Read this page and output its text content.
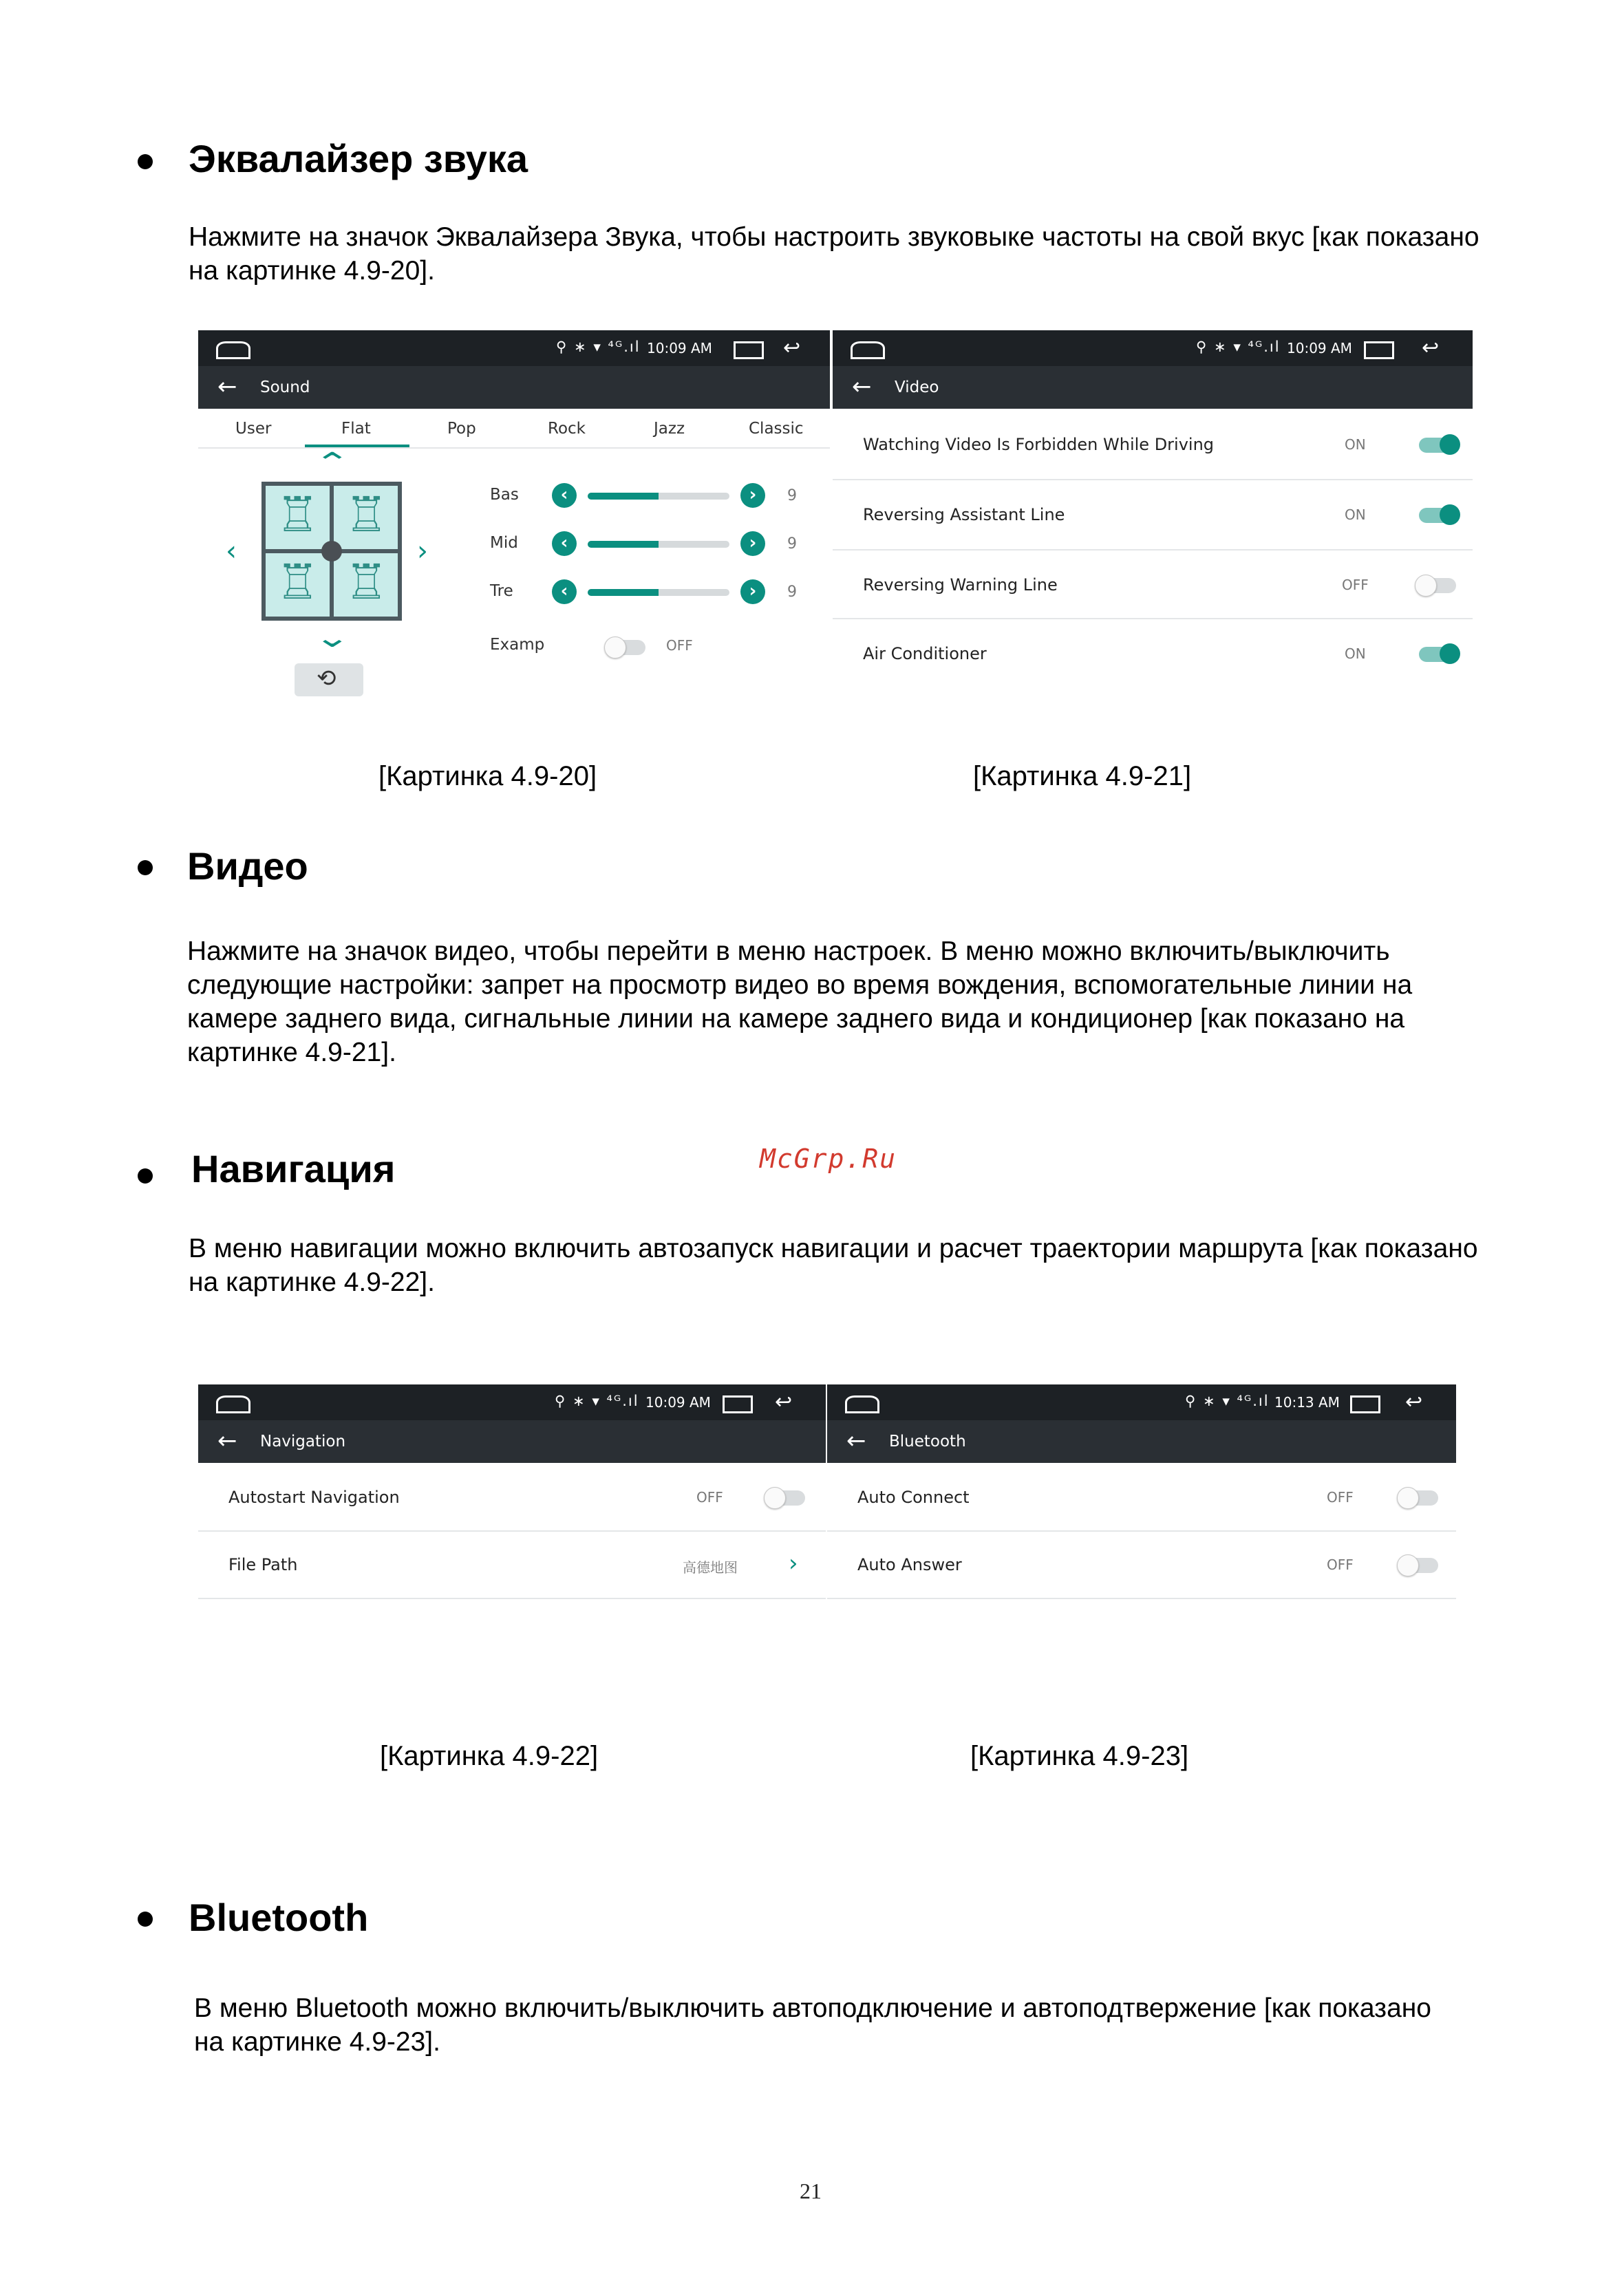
Эквалайзер звука
Нажмите на значок Эквалайзера Звука, чтобы настроить звуковыке частоты на свой вкус [как показано на картинке 4.9-20].
⚲ ∗ ▾ ⁴ᴳ.ıl 10:09 AM	↩
← Sound
User	Flat	Pop	Rock	Jazz	Classic
⌃
‹	›
⌄
♖ ♖
♖ ♖
⟲
Bas	‹	›	9
Mid	‹	›	9
Tre	‹	›	9
Examp	OFF
⚲ ∗ ▾ ⁴ᴳ.ıl 10:09 AM	↩
← Video
Watching Video Is Forbidden While Driving	ON
Reversing Assistant Line	ON
Reversing Warning Line	OFF
Air Conditioner	ON
[Картинка 4.9-20]	[Картинка 4.9-21]
Видео
Нажмите на значок видео, чтобы перейти в меню настроек. В меню можно включить/выключить следующие настройки: запрет на просмотр видео во время вождения, вспомогательные линии на камере заднего вида, сигнальные линии на камере заднего вида и кондиционер [как показано на картинке 4.9-21].
Навигация	McGrp.Ru
В меню навигации можно включить автозапуск навигации и расчет траектории маршрута [как показано на картинке 4.9-22].
⚲ ∗ ▾ ⁴ᴳ.ıl 10:09 AM	↩
← Navigation
Autostart Navigation	OFF
File Path	高德地图 ›
⚲ ∗ ▾ ⁴ᴳ.ıl 10:13 AM	↩
← Bluetooth
Auto Connect	OFF
Auto Answer	OFF
[Картинка 4.9-22]	[Картинка 4.9-23]
Bluetooth
В меню Bluetooth можно включить/выключить автоподключение и автоподтвержение [как показано на картинке 4.9-23].
21
